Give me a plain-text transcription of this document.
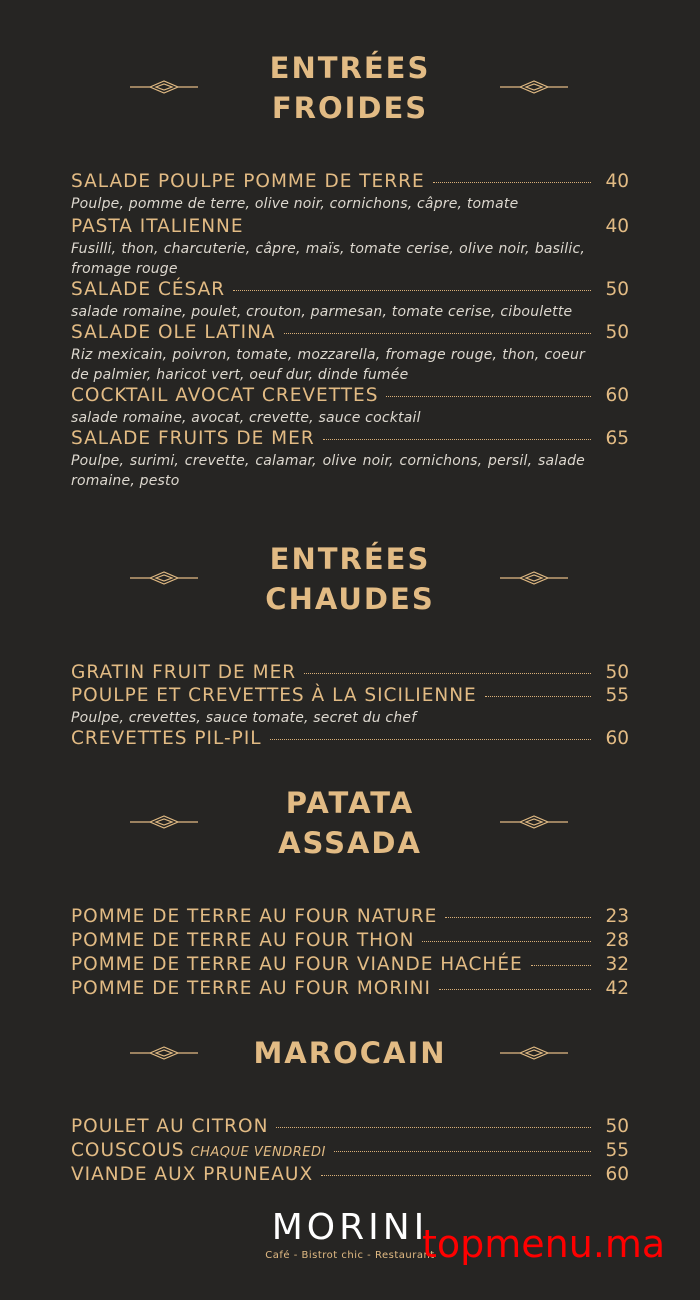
ENTRÉES
FROIDES
SALADE POULPE POMME DE TERRE	40
Poulpe, pomme de terre, olive noir, cornichons, câpre, tomate
PASTA ITALIENNE	40
Fusilli, thon, charcuterie, câpre, maïs, tomate cerise, olive noir, basilic, fromage rouge
SALADE CÉSAR	50
salade romaine, poulet, crouton, parmesan, tomate cerise, ciboulette
SALADE OLE LATINA	50
Riz mexicain, poivron, tomate, mozzarella, fromage rouge, thon, coeur de palmier, haricot vert, oeuf dur, dinde fumée
COCKTAIL AVOCAT CREVETTES	60
salade romaine, avocat, crevette, sauce cocktail
SALADE FRUITS DE MER	65
Poulpe, surimi, crevette, calamar, olive noir, cornichons, persil, salade romaine, pesto
ENTRÉES
CHAUDES
GRATIN FRUIT DE MER	50
POULPE ET CREVETTES À LA SICILIENNE	55
Poulpe, crevettes, sauce tomate, secret du chef
CREVETTES PIL-PIL	60
PATATA
ASSADA
POMME DE TERRE AU FOUR NATURE	23
POMME DE TERRE AU FOUR THON	28
POMME DE TERRE AU FOUR VIANDE HACHÉE	32
POMME DE TERRE AU FOUR MORINI	42
MAROCAIN
POULET AU CITRON	50
COUSCOUS CHAQUE VENDREDI	55
VIANDE AUX PRUNEAUX	60
MORINI
Café - Bistrot chic - Restaurant
topmenu.ma
